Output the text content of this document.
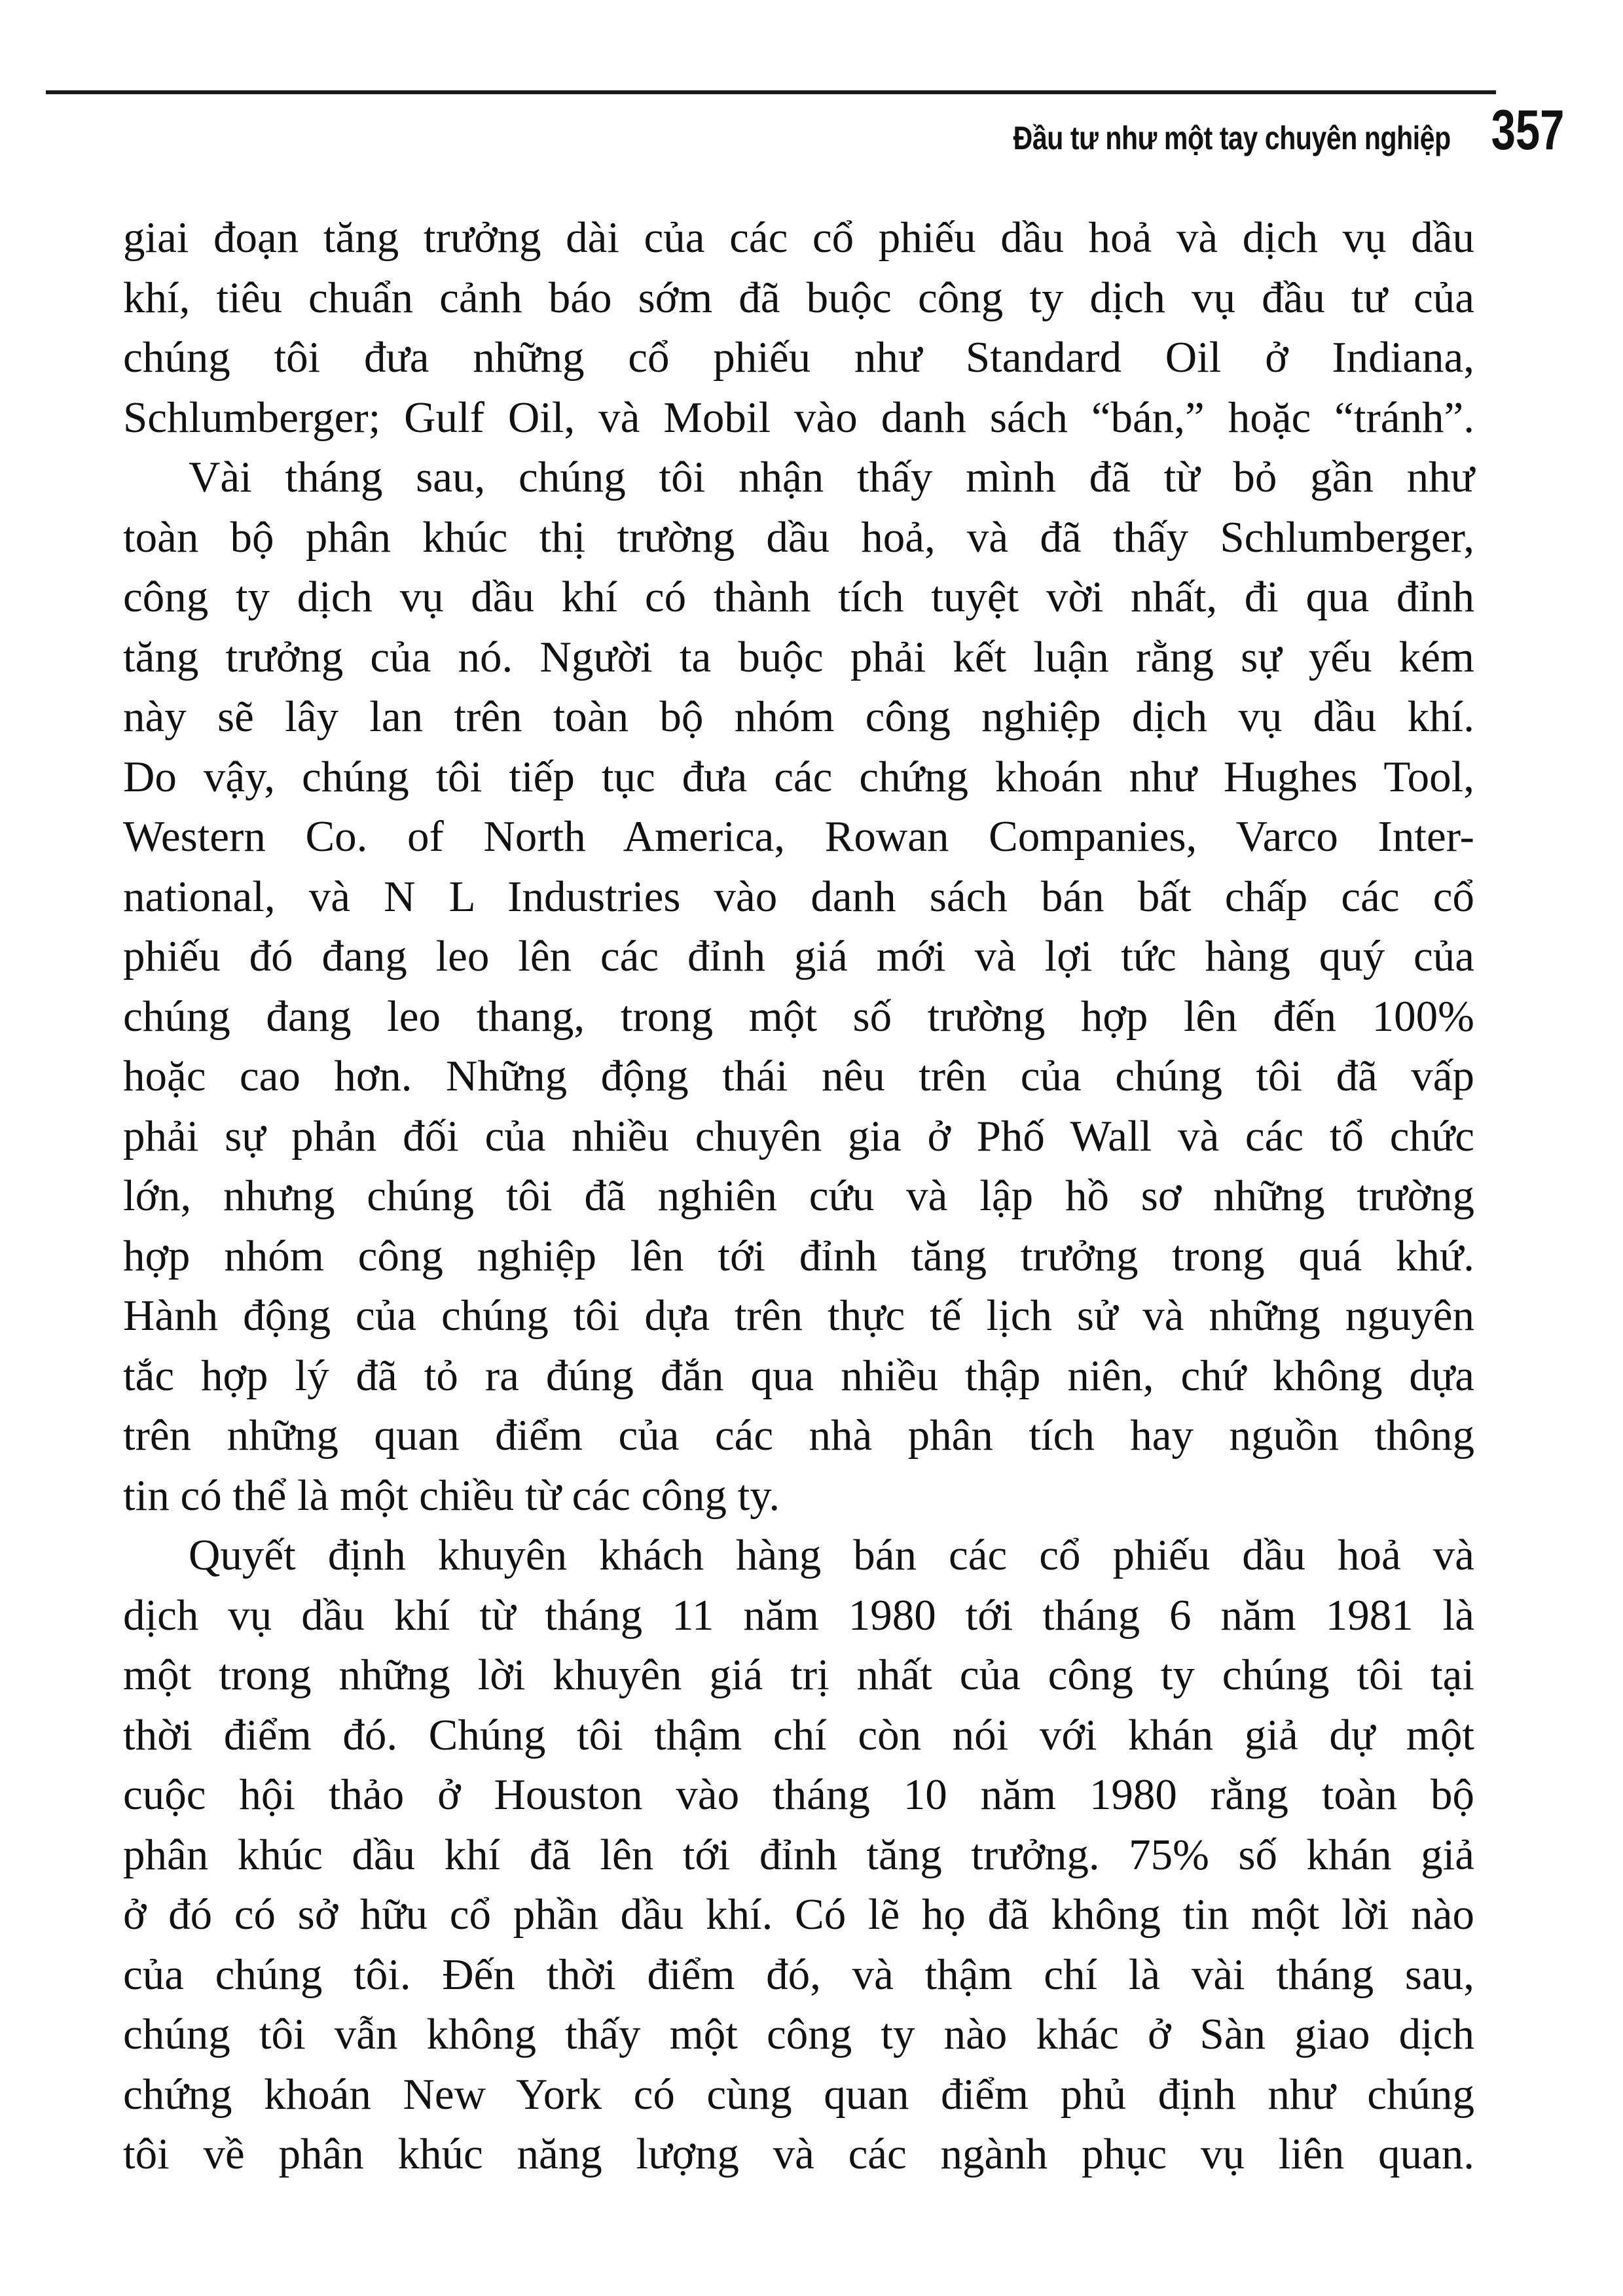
Đầu tư như một tay chuyên nghiệp 357
giai đoạn tăng trưởng dài của các cổ phiếu dầu hoả và dịch vụ dầu
khí, tiêu chuẩn cảnh báo sớm đã buộc công ty dịch vụ đầu tư của
chúng tôi đưa những cổ phiếu như Standard Oil ở Indiana,
Schlumberger; Gulf Oil, và Mobil vào danh sách “bán,” hoặc “tránh”.
Vài tháng sau, chúng tôi nhận thấy mình đã từ bỏ gần như
toàn bộ phân khúc thị trường dầu hoả, và đã thấy Schlumberger,
công ty dịch vụ dầu khí có thành tích tuyệt vời nhất, đi qua đỉnh
tăng trưởng của nó. Người ta buộc phải kết luận rằng sự yếu kém
này sẽ lây lan trên toàn bộ nhóm công nghiệp dịch vụ dầu khí.
Do vậy, chúng tôi tiếp tục đưa các chứng khoán như Hughes Tool,
Western Co. of North America, Rowan Companies, Varco Inter-
national, và N L Industries vào danh sách bán bất chấp các cổ
phiếu đó đang leo lên các đỉnh giá mới và lợi tức hàng quý của
chúng đang leo thang, trong một số trường hợp lên đến 100%
hoặc cao hơn. Những động thái nêu trên của chúng tôi đã vấp
phải sự phản đối của nhiều chuyên gia ở Phố Wall và các tổ chức
lớn, nhưng chúng tôi đã nghiên cứu và lập hồ sơ những trường
hợp nhóm công nghiệp lên tới đỉnh tăng trưởng trong quá khứ.
Hành động của chúng tôi dựa trên thực tế lịch sử và những nguyên
tắc hợp lý đã tỏ ra đúng đắn qua nhiều thập niên, chứ không dựa
trên những quan điểm của các nhà phân tích hay nguồn thông
tin có thể là một chiều từ các công ty.
Quyết định khuyên khách hàng bán các cổ phiếu dầu hoả và
dịch vụ dầu khí từ tháng 11 năm 1980 tới tháng 6 năm 1981 là
một trong những lời khuyên giá trị nhất của công ty chúng tôi tại
thời điểm đó. Chúng tôi thậm chí còn nói với khán giả dự một
cuộc hội thảo ở Houston vào tháng 10 năm 1980 rằng toàn bộ
phân khúc dầu khí đã lên tới đỉnh tăng trưởng. 75% số khán giả
ở đó có sở hữu cổ phần dầu khí. Có lẽ họ đã không tin một lời nào
của chúng tôi. Đến thời điểm đó, và thậm chí là vài tháng sau,
chúng tôi vẫn không thấy một công ty nào khác ở Sàn giao dịch
chứng khoán New York có cùng quan điểm phủ định như chúng
tôi về phân khúc năng lượng và các ngành phục vụ liên quan.
